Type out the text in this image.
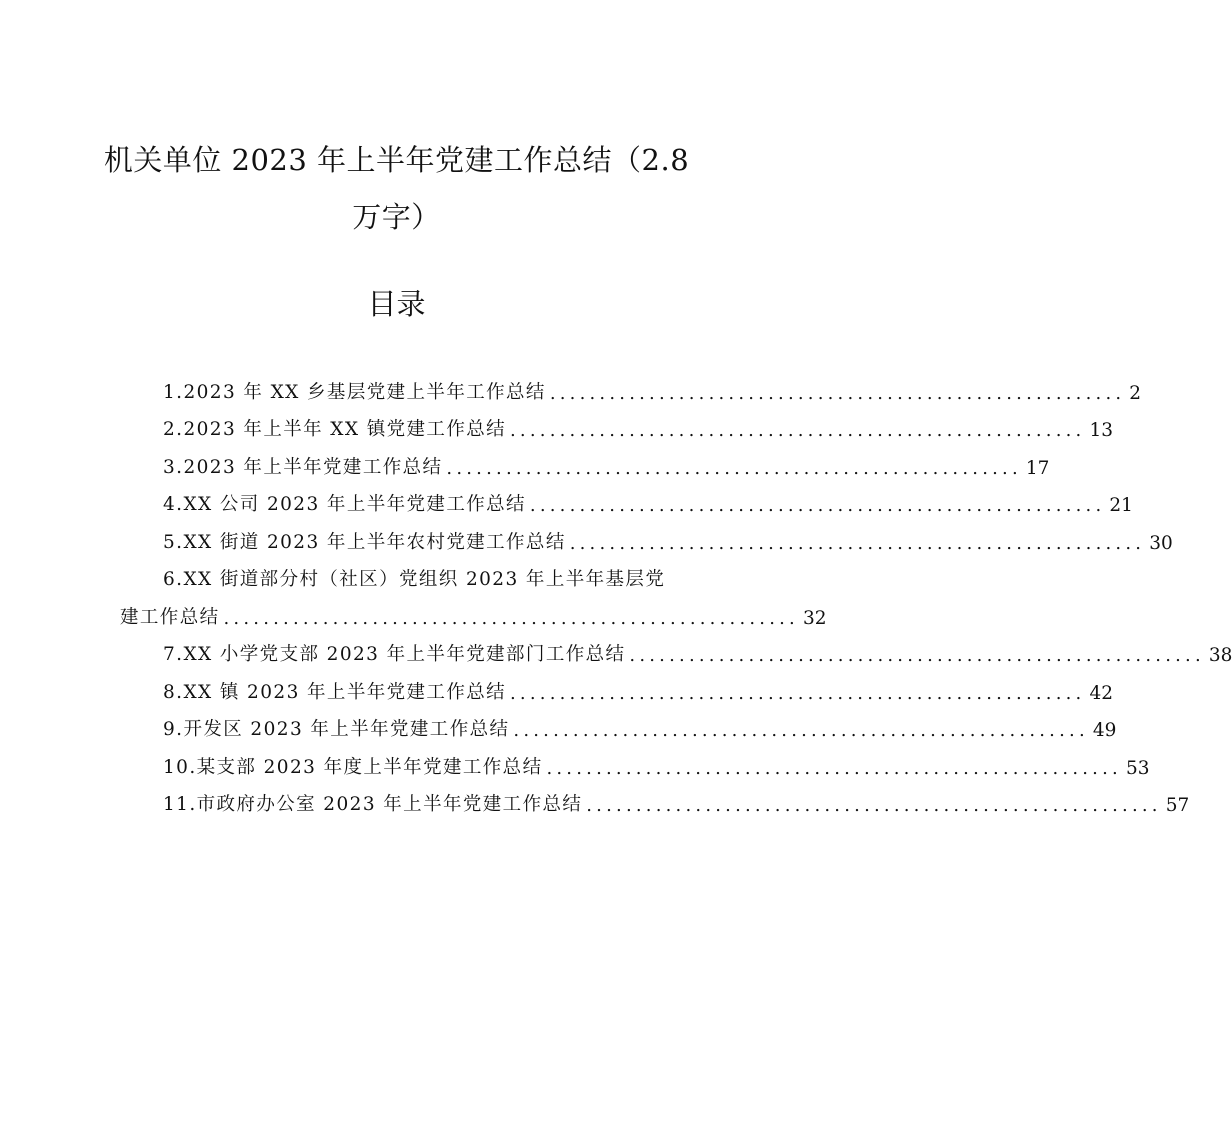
机关单位 2023 年上半年党建工作总结（2.8
万字）
目录
1.2023 年 XX 乡基层党建上半年工作总结 .......................................................... 2
2.2023 年上半年 XX 镇党建工作总结 .......................................................... 13
3.2023 年上半年党建工作总结 .......................................................... 17
4.XX 公司 2023 年上半年党建工作总结 .......................................................... 21
5.XX 街道 2023 年上半年农村党建工作总结 .......................................................... 30
6.XX 街道部分村（社区）党组织 2023 年上半年基层党
建工作总结 .......................................................... 32
7.XX 小学党支部 2023 年上半年党建部门工作总结 .......................................................... 38
8.XX 镇 2023 年上半年党建工作总结 .......................................................... 42
9.开发区 2023 年上半年党建工作总结 .......................................................... 49
10.某支部 2023 年度上半年党建工作总结 .......................................................... 53
11.市政府办公室 2023 年上半年党建工作总结 .......................................................... 57
